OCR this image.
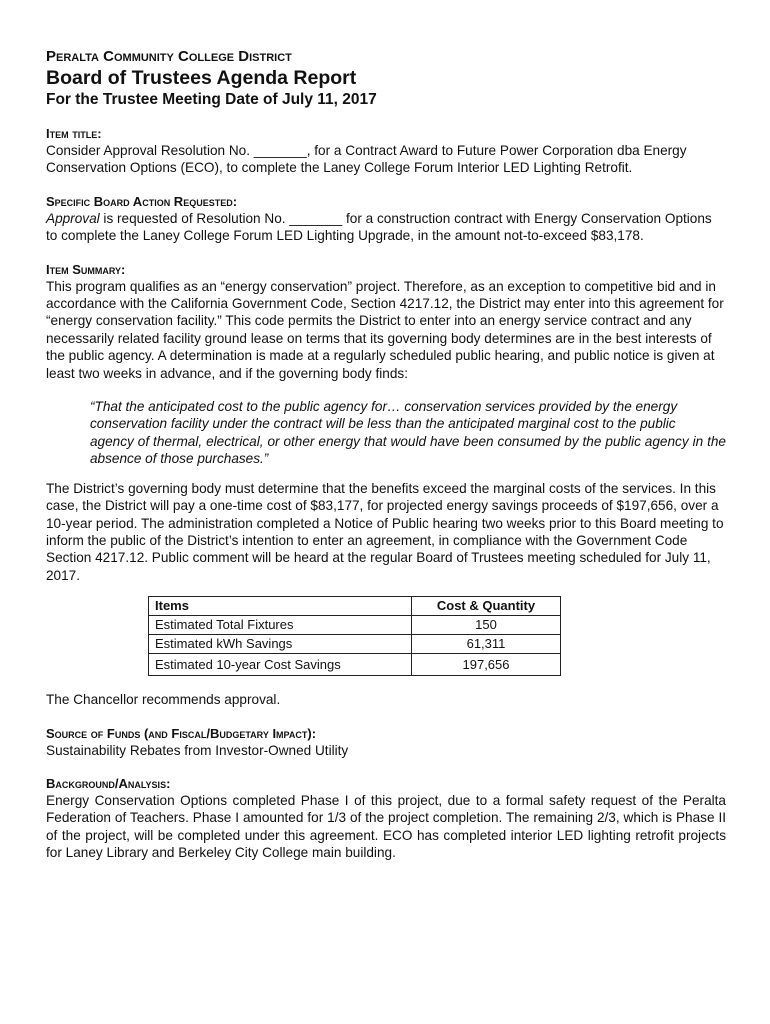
Peralta Community College District
Board of Trustees Agenda Report
For the Trustee Meeting Date of July 11, 2017
Item title:

Consider Approval Resolution No. _______, for a Contract Award to Future Power Corporation dba Energy Conservation Options (ECO), to complete the Laney College Forum Interior LED Lighting Retrofit.

Specific Board Action Requested:

Approval is requested of Resolution No. _______ for a construction contract with Energy Conservation Options to complete the Laney College Forum LED Lighting Upgrade, in the amount not-to-exceed $83,178.

Item Summary:

This program qualifies as an “energy conservation” project. Therefore, as an exception to competitive bid and in accordance with the California Government Code, Section 4217.12, the District may enter into this agreement for “energy conservation facility.” This code permits the District to enter into an energy service contract and any necessarily related facility ground lease on terms that its governing body determines are in the best interests of the public agency. A determination is made at a regularly scheduled public hearing, and public notice is given at least two weeks in advance, and if the governing body finds:

“That the anticipated cost to the public agency for… conservation services provided by the energy

conservation facility under the contract will be less than the anticipated marginal cost to the public

agency of thermal, electrical, or other energy that would have been consumed by the public agency in the absence of those purchases.”

The District’s governing body must determine that the benefits exceed the marginal costs of the services. In this case, the District will pay a one-time cost of $83,177, for projected energy savings proceeds of $197,656, over a 10-year period. The administration completed a Notice of Public hearing two weeks prior to this Board meeting to inform the public of the District’s intention to enter an agreement, in compliance with the Government Code Section 4217.12. Public comment will be heard at the regular Board of Trustees meeting scheduled for July 11, 2017.

Items	Cost & Quantity
Estimated Total Fixtures	150
Estimated kWh Savings	61,311
Estimated 10-year Cost Savings	197,656

The Chancellor recommends approval.

Source of Funds (and Fiscal/Budgetary Impact):

Sustainability Rebates from Investor-Owned Utility

Background/Analysis:

Energy Conservation Options completed Phase I of this project, due to a formal safety request of the Peralta Federation of Teachers. Phase I amounted for 1/3 of the project completion. The remaining 2/3, which is Phase II of the project, will be completed under this agreement. ECO has completed interior LED lighting retrofit projects for Laney Library and Berkeley City College main building.
